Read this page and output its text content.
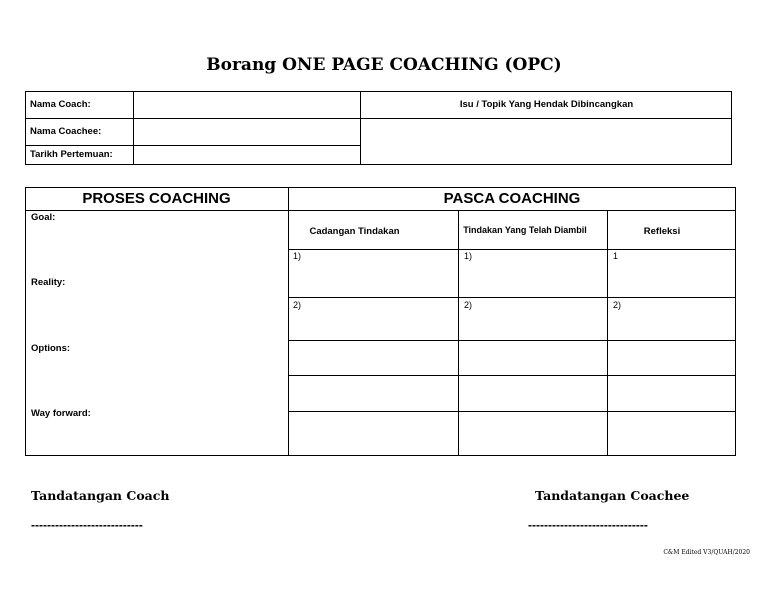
Borang ONE PAGE COACHING (OPC)
Nama Coach:
Nama Coachee:
Tarikh Pertemuan:
Isu / Topik Yang Hendak Dibincangkan
PROSES COACHING	PASCA COACHING
Goal:
Reality:
Options:
Way forward:
Cadangan Tindakan	Tindakan Yang Telah Diambil	Refleksi
1)	1)	1
2)	2)	2)
Tandatangan Coach
----------------------------
Tandatangan Coachee
------------------------------
C&M Edited V3/QUAH/2020
